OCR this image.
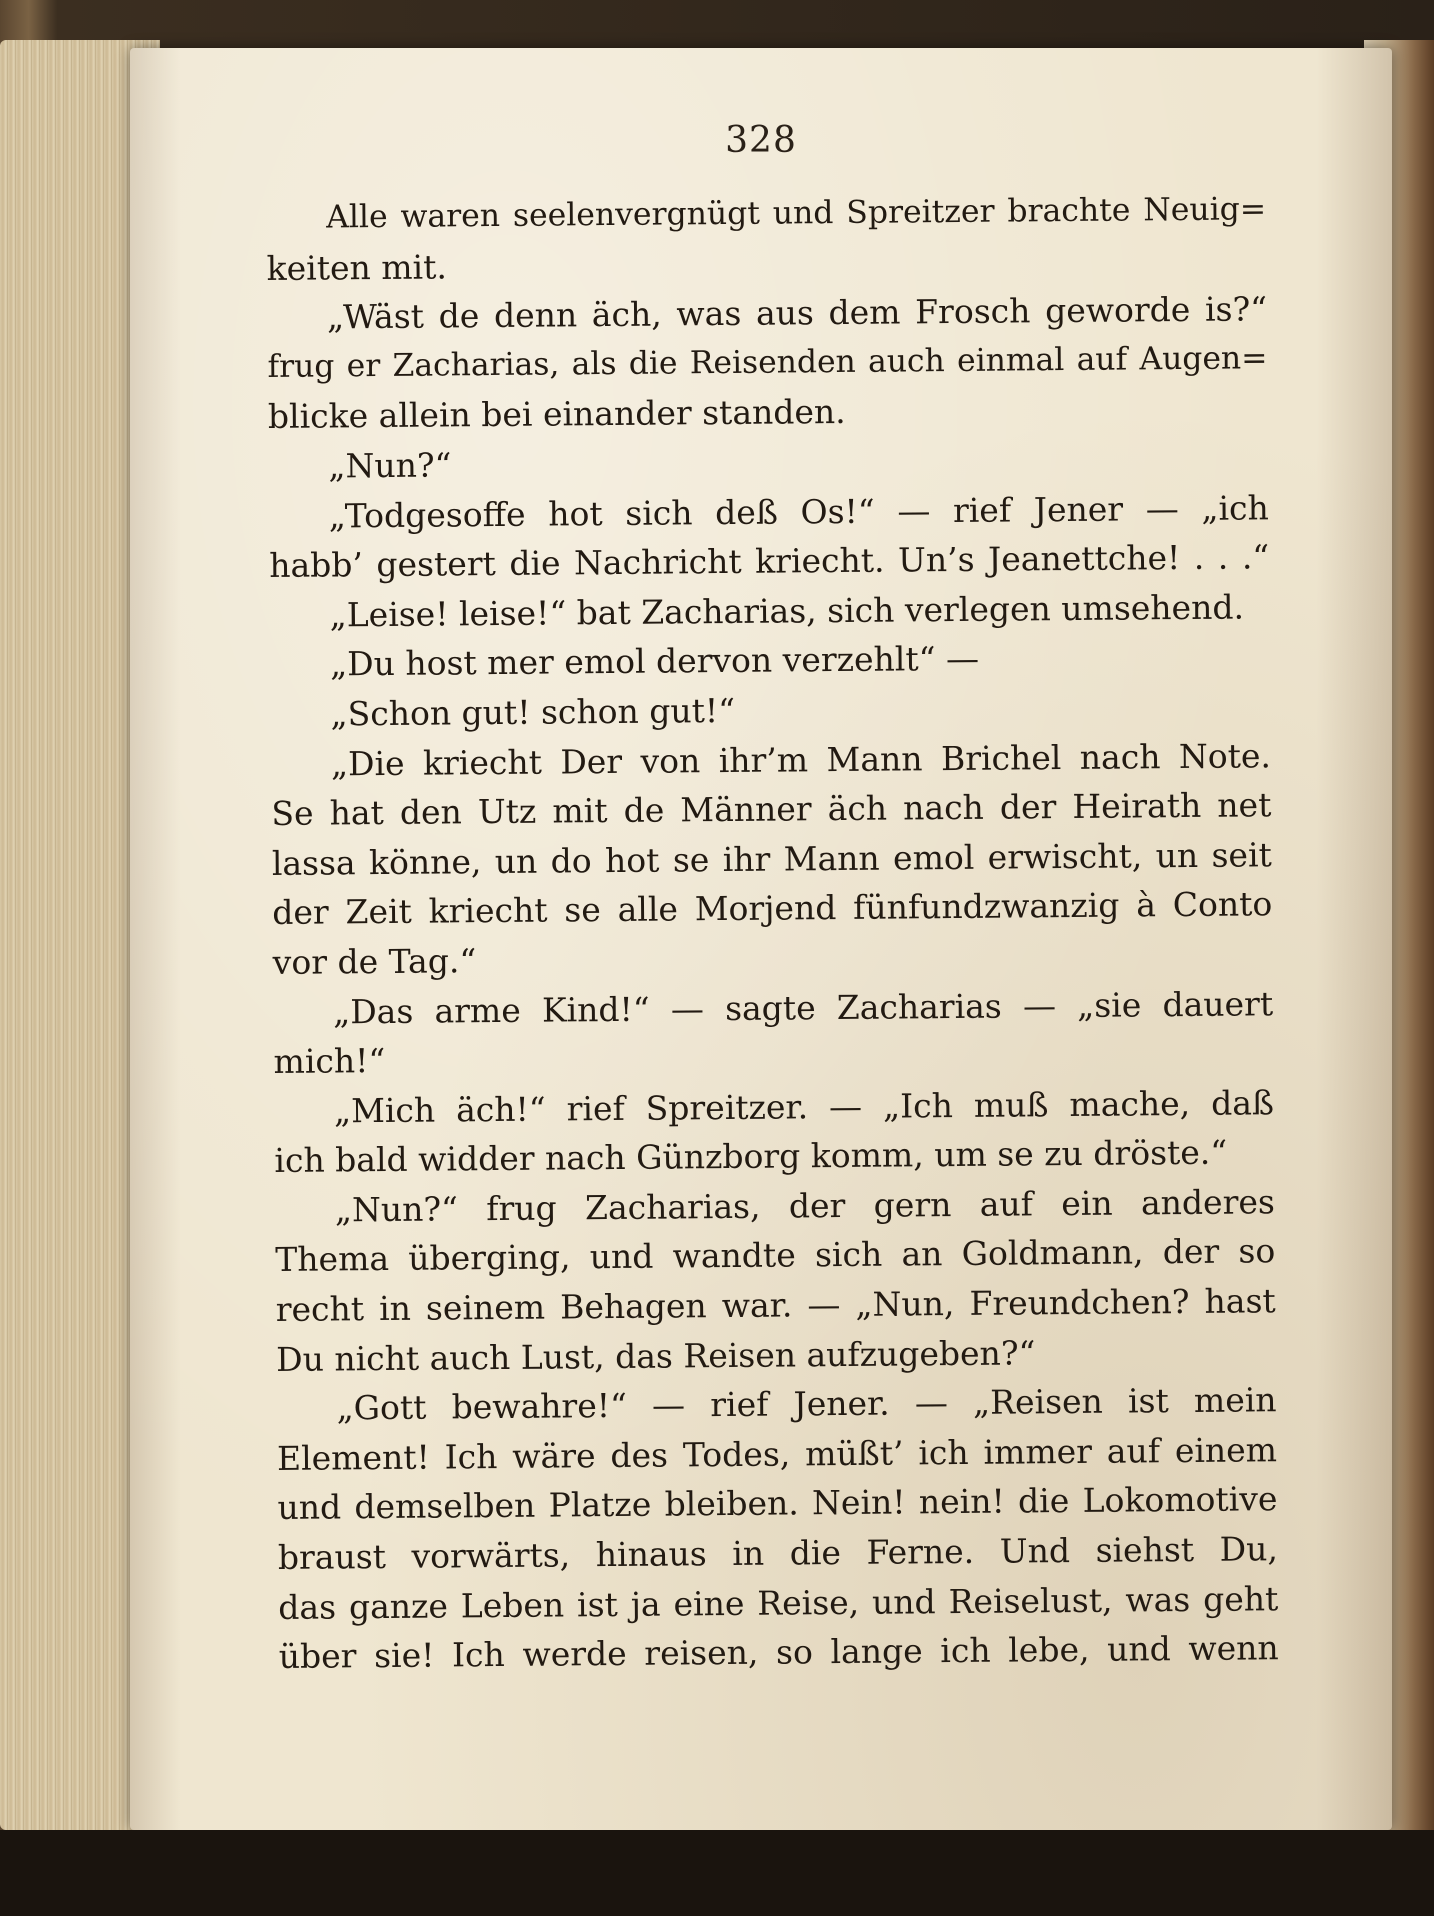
328
Alle waren seelenvergnügt und Spreitzer brachte Neuig=
keiten mit.
„Wäst de denn äch, was aus dem Frosch geworde is?“
frug er Zacharias, als die Reisenden auch einmal auf Augen=
blicke allein bei einander standen.
„Nun?“
„Todgesoffe hot sich deß Os!“ — rief Jener — „ich
habb’ gestert die Nachricht kriecht. Un’s Jeanettche! . . .“
„Leise! leise!“ bat Zacharias, sich verlegen umsehend.
„Du host mer emol dervon verzehlt“ —
„Schon gut! schon gut!“
„Die kriecht Der von ihr’m Mann Brichel nach Note.
Se hat den Utz mit de Männer äch nach der Heirath net
lassa könne, un do hot se ihr Mann emol erwischt, un seit
der Zeit kriecht se alle Morjend fünfundzwanzig à Conto
vor de Tag.“
„Das arme Kind!“ — sagte Zacharias — „sie dauert
mich!“
„Mich äch!“ rief Spreitzer. — „Ich muß mache, daß
ich bald widder nach Günzborg komm, um se zu dröste.“
„Nun?“ frug Zacharias, der gern auf ein anderes
Thema überging, und wandte sich an Goldmann, der so
recht in seinem Behagen war. — „Nun, Freundchen? hast
Du nicht auch Lust, das Reisen aufzugeben?“
„Gott bewahre!“ — rief Jener. — „Reisen ist mein
Element! Ich wäre des Todes, müßt’ ich immer auf einem
und demselben Platze bleiben. Nein! nein! die Lokomotive
braust vorwärts, hinaus in die Ferne. Und siehst Du,
das ganze Leben ist ja eine Reise, und Reiselust, was geht
über sie! Ich werde reisen, so lange ich lebe, und wenn
